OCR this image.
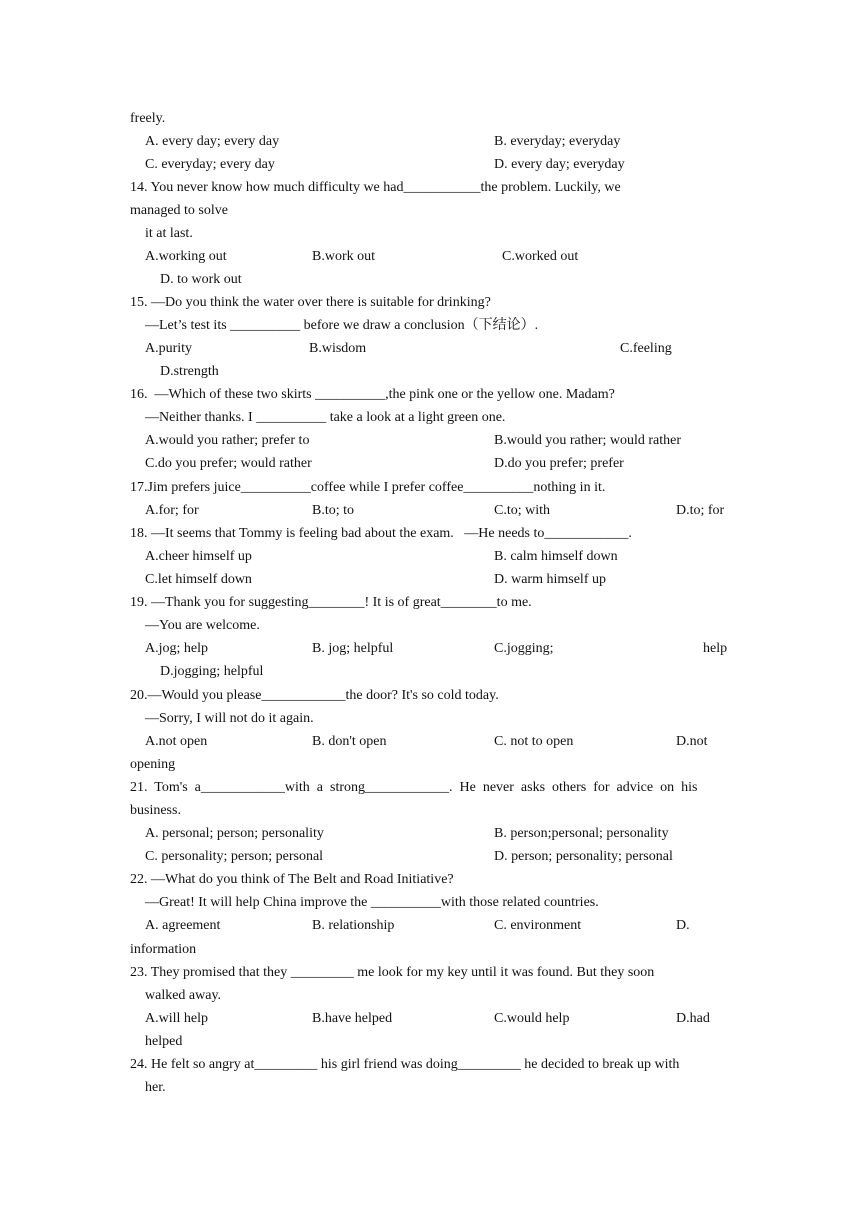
freely.
A. every day; every day	B. everyday; everyday
C. everyday; every day	D. every day; everyday
14. You never know how much difficulty we had___________the problem. Luckily, we
managed to solve
it at last.
A.working out	B.work out	C.worked out
D. to work out
15. —Do you think the water over there is suitable for drinking?
—Let’s test its __________ before we draw a conclusion（下结论）.
A.purity	B.wisdom	C.feeling
D.strength
16.  —Which of these two skirts __________,the pink one or the yellow one. Madam?
—Neither thanks. I __________ take a look at a light green one.
A.would you rather; prefer to	B.would you rather; would rather
C.do you prefer; would rather	D.do you prefer; prefer
17.Jim prefers juice__________coffee while I prefer coffee__________nothing in it.
A.for; for	B.to; to	C.to; with	D.to; for
18. —It seems that Tommy is feeling bad about the exam.   —He needs to____________.
A.cheer himself up	B. calm himself down
C.let himself down	D. warm himself up
19. —Thank you for suggesting________! It is of great________to me.
—You are welcome.
A.jog; help	B. jog; helpful	C.jogging;	help
D.jogging; helpful
20.—Would you please____________the door? It's so cold today.
—Sorry, I will not do it again.
A.not open	B. don't open	C. not to open	D.not
opening
21.  Tom's  a____________with  a  strong____________.  He  never  asks  others  for  advice  on  his
business.
A. personal; person; personality	B. person;personal; personality
C. personality; person; personal	D. person; personality; personal
22. —What do you think of The Belt and Road Initiative?
—Great! It will help China improve the __________with those related countries.
A. agreement	B. relationship	C. environment	D.
information
23. They promised that they _________ me look for my key until it was found. But they soon
walked away.
A.will help	B.have helped	C.would help	D.had
helped
24. He felt so angry at_________ his girl friend was doing_________ he decided to break up with
her.
